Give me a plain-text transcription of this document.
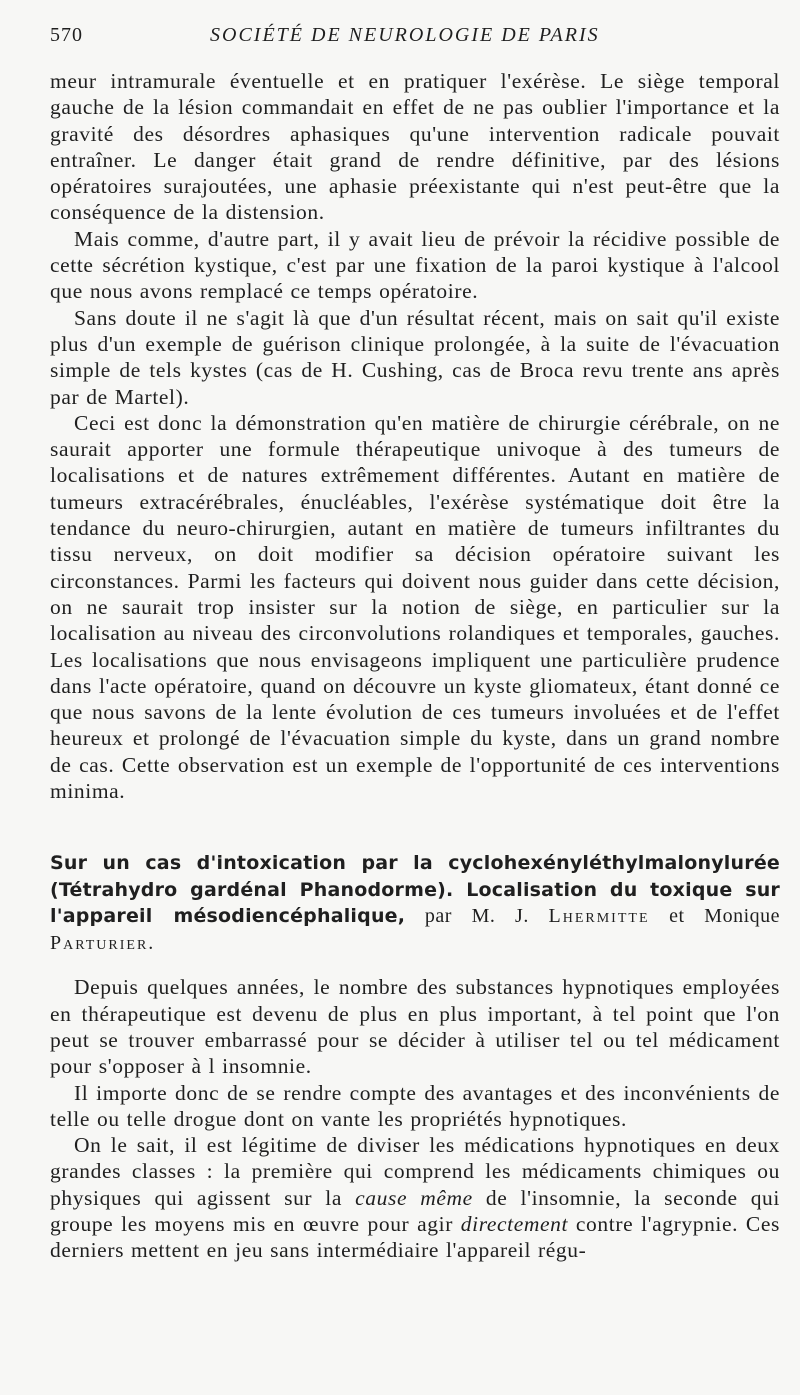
570	SOCIÉTÉ DE NEUROLOGIE DE PARIS

meur intramurale éventuelle et en pratiquer l'exérèse. Le siège temporal gauche de la lésion commandait en effet de ne pas oublier l'importance et la gravité des désordres aphasiques qu'une intervention radicale pouvait entraîner. Le danger était grand de rendre définitive, par des lésions opératoires surajoutées, une aphasie préexistante qui n'est peut-être que la conséquence de la distension.

Mais comme, d'autre part, il y avait lieu de prévoir la récidive possible de cette sécrétion kystique, c'est par une fixation de la paroi kystique à l'alcool que nous avons remplacé ce temps opératoire.

Sans doute il ne s'agit là que d'un résultat récent, mais on sait qu'il existe plus d'un exemple de guérison clinique prolongée, à la suite de l'évacuation simple de tels kystes (cas de H. Cushing, cas de Broca revu trente ans après par de Martel).

Ceci est donc la démonstration qu'en matière de chirurgie cérébrale, on ne saurait apporter une formule thérapeutique univoque à des tumeurs de localisations et de natures extrêmement différentes. Autant en matière de tumeurs extracérébrales, énucléables, l'exérèse systématique doit être la tendance du neuro-chirurgien, autant en matière de tumeurs infiltrantes du tissu nerveux, on doit modifier sa décision opératoire suivant les circonstances. Parmi les facteurs qui doivent nous guider dans cette décision, on ne saurait trop insister sur la notion de siège, en particulier sur la localisation au niveau des circonvolutions rolandiques et temporales, gauches. Les localisations que nous envisageons impliquent une particulière prudence dans l'acte opératoire, quand on découvre un kyste gliomateux, étant donné ce que nous savons de la lente évolution de ces tumeurs involuées et de l'effet heureux et prolongé de l'évacuation simple du kyste, dans un grand nombre de cas. Cette observation est un exemple de l'opportunité de ces interventions minima.

Sur un cas d'intoxication par la cyclohexényléthylmalonylurée (Tétrahydro gardénal Phanodorme). Localisation du toxique sur l'appareil mésodiencéphalique, par M. J. Lhermitte et Monique Parturier.

Depuis quelques années, le nombre des substances hypnotiques employées en thérapeutique est devenu de plus en plus important, à tel point que l'on peut se trouver embarrassé pour se décider à utiliser tel ou tel médicament pour s'opposer à l insomnie.

Il importe donc de se rendre compte des avantages et des inconvénients de telle ou telle drogue dont on vante les propriétés hypnotiques.

On le sait, il est légitime de diviser les médications hypnotiques en deux grandes classes : la première qui comprend les médicaments chimiques ou physiques qui agissent sur la cause même de l'insomnie, la seconde qui groupe les moyens mis en œuvre pour agir directement contre l'agrypnie. Ces derniers mettent en jeu sans intermédiaire l'appareil régu-
